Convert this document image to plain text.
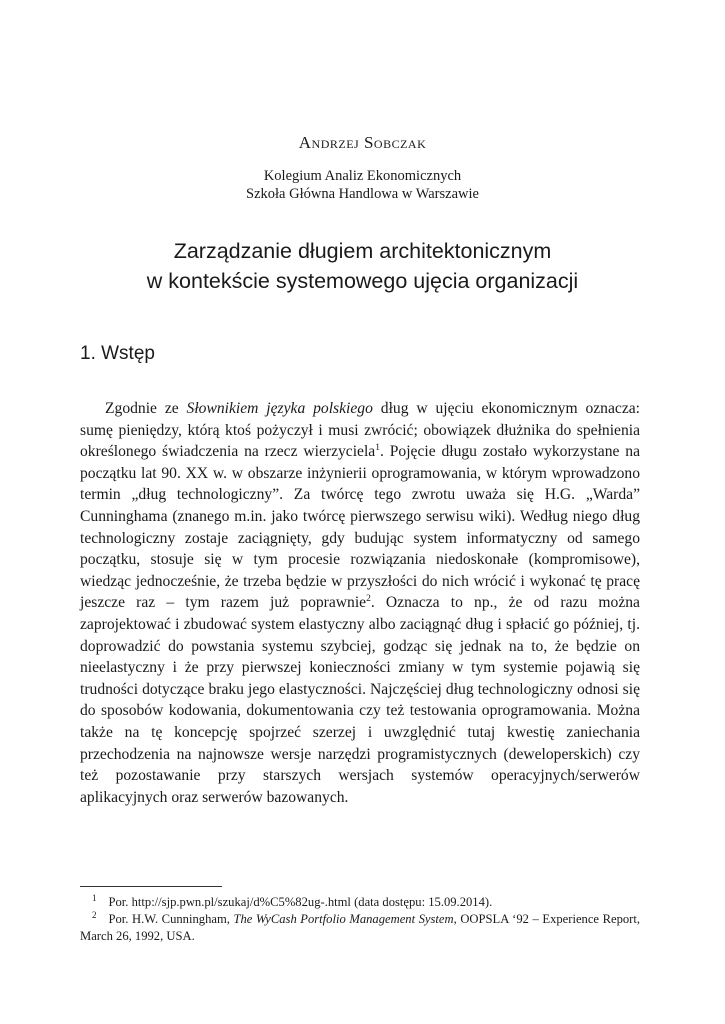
Andrzej Sobczak
Kolegium Analiz Ekonomicznych
Szkoła Główna Handlowa w Warszawie
Zarządzanie długiem architektonicznym
w kontekście systemowego ujęcia organizacji
1. Wstęp
Zgodnie ze Słownikiem języka polskiego dług w ujęciu ekonomicznym oznacza: sumę pieniędzy, którą ktoś pożyczył i musi zwrócić; obowiązek dłużnika do spełnienia określonego świadczenia na rzecz wierzyciela$^1$. Pojęcie długu zostało wykorzystane na początku lat 90. XX w. w obszarze inżynierii oprogramowania, w którym wprowadzono termin „dług technologiczny”. Za twórcę tego zwrotu uważa się H.G. „Warda” Cunninghama (znanego m.in. jako twórcę pierwszego serwisu wiki). Według niego dług technologiczny zostaje zaciągnięty, gdy budując system informatyczny od samego początku, stosuje się w tym procesie rozwiązania niedoskonałe (kompromisowe), wiedząc jednocześnie, że trzeba będzie w przyszłości do nich wrócić i wykonać tę pracę jeszcze raz – tym razem już poprawnie$^2$. Oznacza to np., że od razu można zaprojektować i zbudować system elastyczny albo zaciągnąć dług i spłacić go później, tj. doprowadzić do powstania systemu szybciej, godząc się jednak na to, że będzie on nieelastyczny i że przy pierwszej konieczności zmiany w tym systemie pojawią się trudności dotyczące braku jego elastyczności. Najczęściej dług technologiczny odnosi się do sposobów kodowania, dokumentowania czy też testowania oprogramowania. Można także na tę koncepcję spojrzeć szerzej i uwzględnić tutaj kwestię zaniechania przechodzenia na najnowsze wersje narzędzi programistycznych (deweloperskich) czy też pozostawanie przy starszych wersjach systemów operacyjnych/serwerów aplikacyjnych oraz serwerów bazowanych.
$^1$ Por. http://sjp.pwn.pl/szukaj/d%C5%82ug-.html (data dostępu: 15.09.2014).
$^2$ Por. H.W. Cunningham, The WyCash Portfolio Management System, OOPSLA ‘92 – Experience Report, March 26, 1992, USA.
